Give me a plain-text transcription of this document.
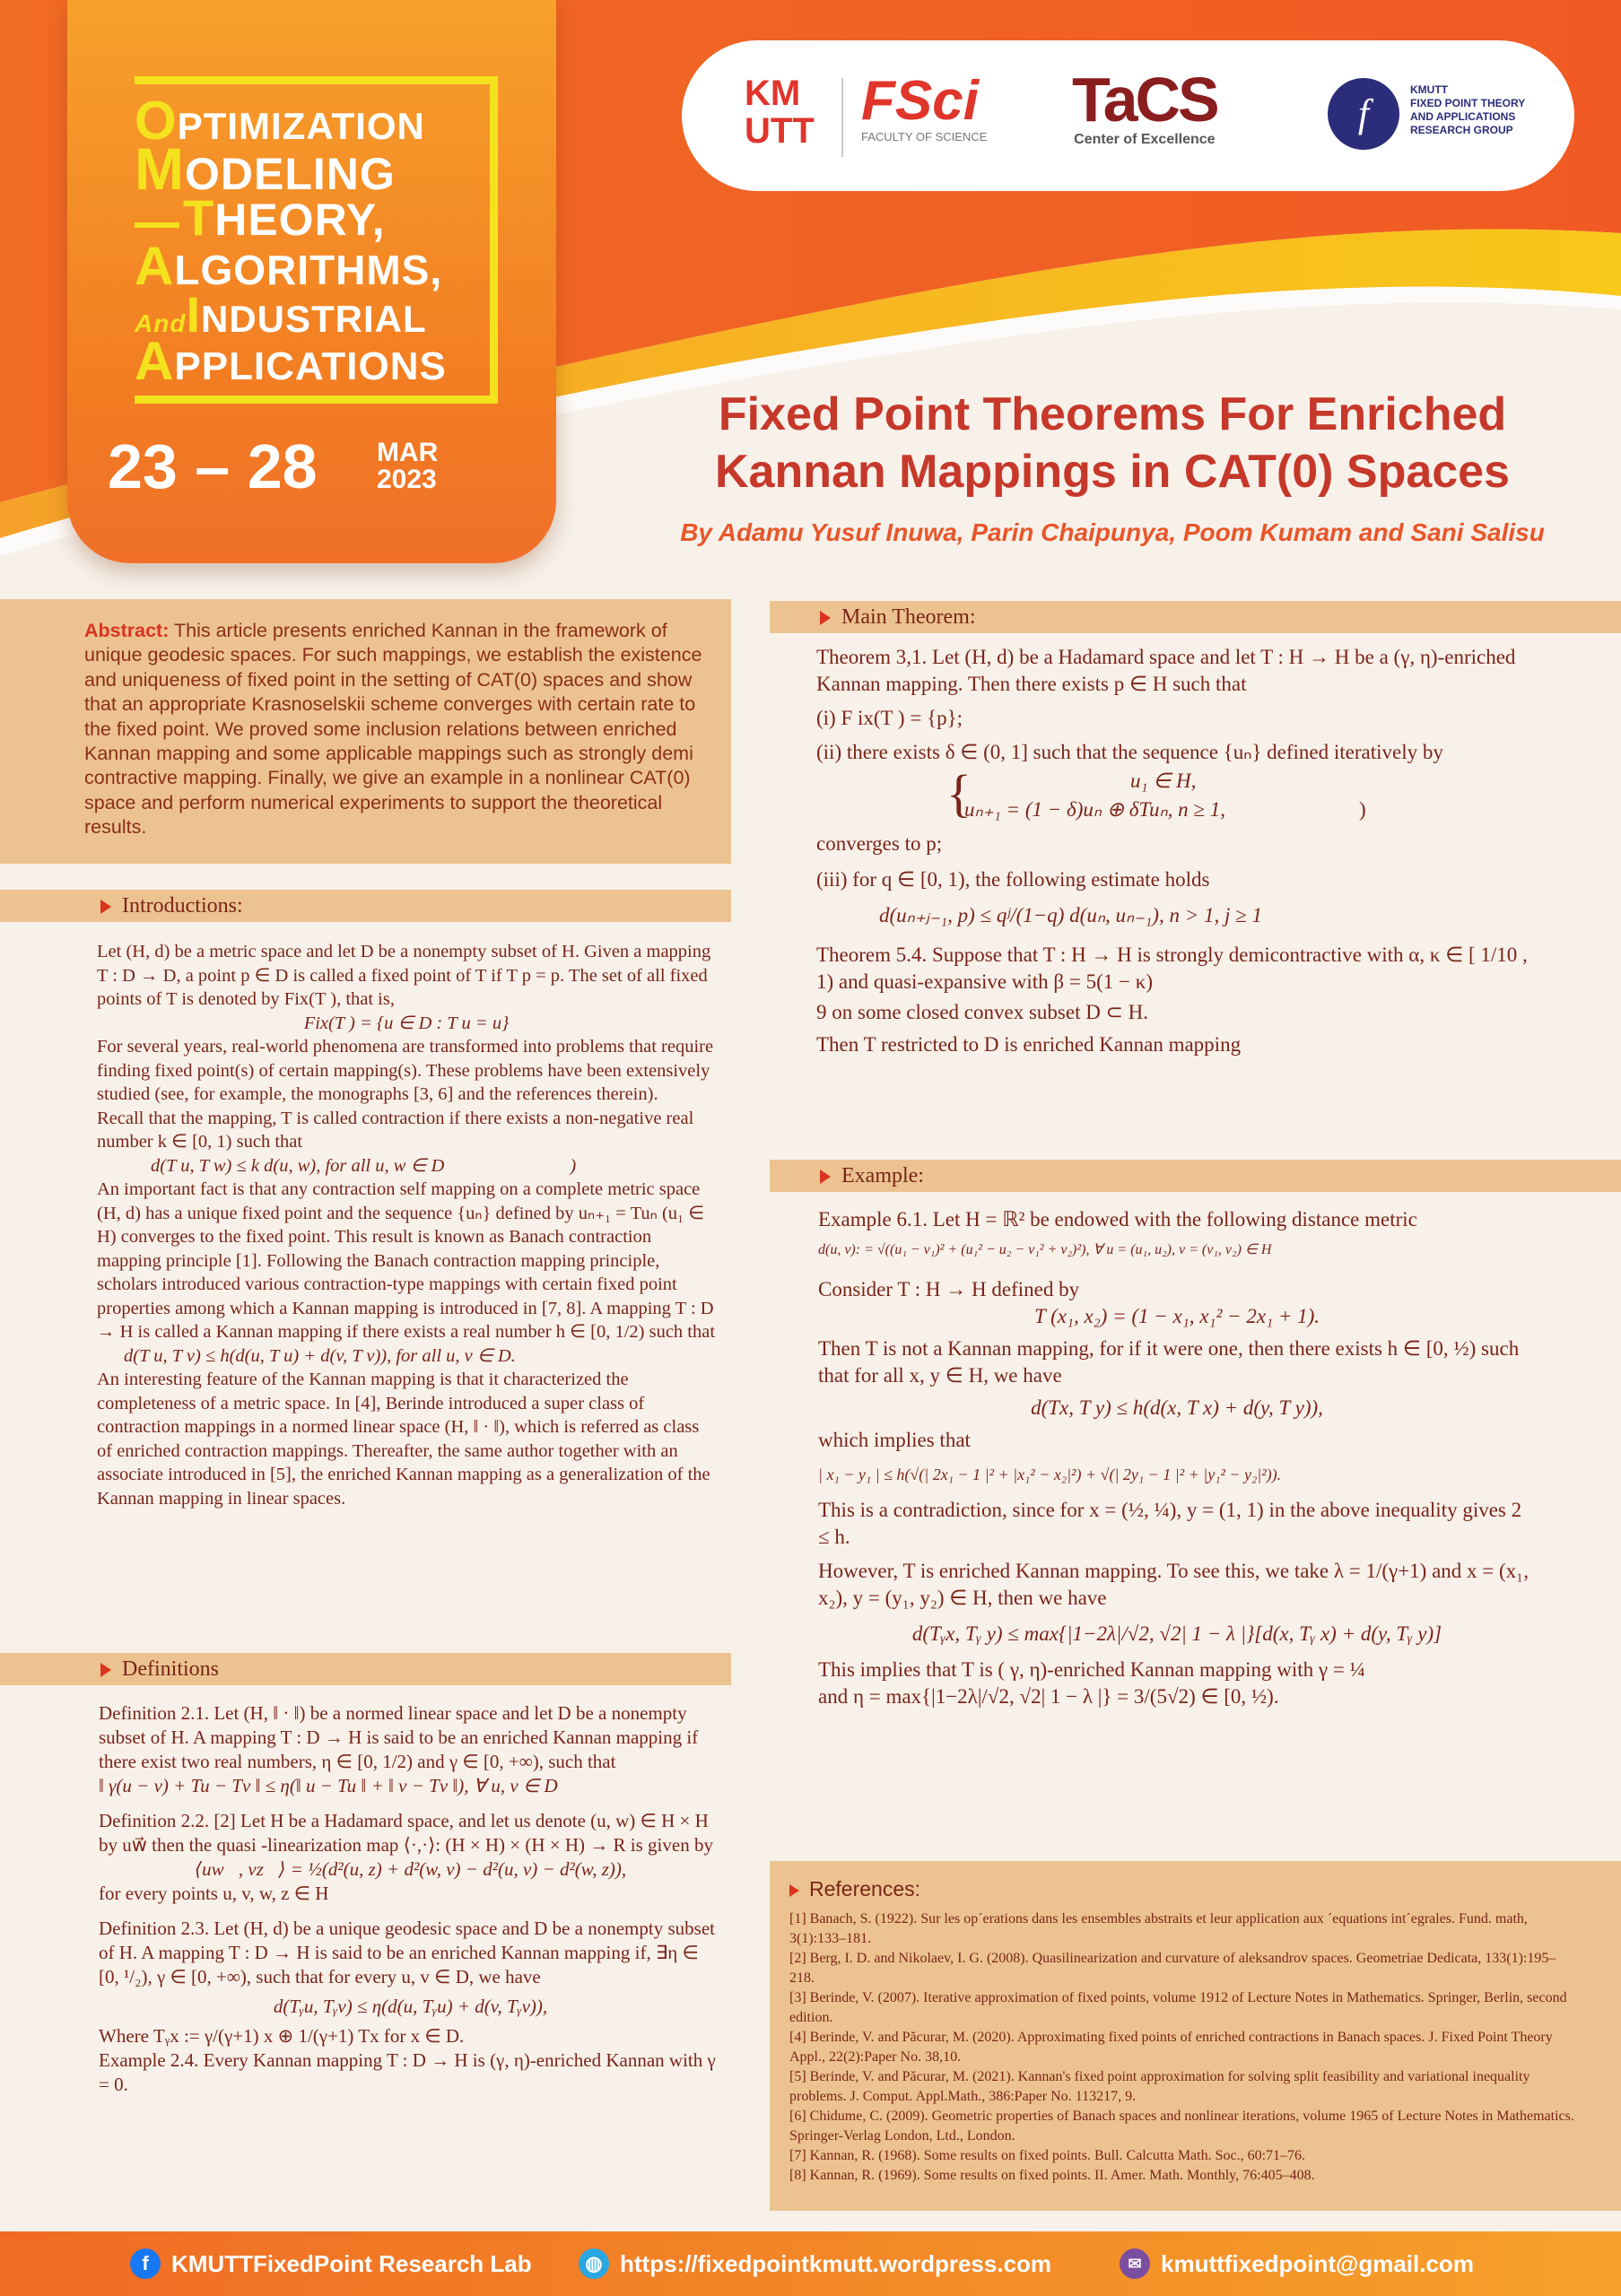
OPTIMIZATION
MODELING
THEORY,
ALGORITHMS,
AndINDUSTRIAL
APPLICATIONS
23 – 28 MAR
2023
KM
UTT FSci
FACULTY OF SCIENCE
TaCS
Center of Excellence
f
KMUTT
FIXED POINT THEORY
AND APPLICATIONS
RESEARCH GROUP
Fixed Point Theorems For Enriched
Kannan Mappings in CAT(0) Spaces
By Adamu Yusuf Inuwa, Parin Chaipunya, Poom Kumam and Sani Salisu

Abstract: This article presents enriched Kannan in the framework of unique geodesic spaces. For such mappings, we establish the existence and uniqueness of fixed point in the setting of CAT(0) spaces and show that an appropriate Krasnoselskii scheme converges with certain rate to the fixed point. We proved some inclusion relations between enriched Kannan mapping and some applicable mappings such as strongly demi contractive mapping. Finally, we give an example in a nonlinear CAT(0) space and perform numerical experiments to support the theoretical results.

Introductions:

Let (H, d) be a metric space and let D be a nonempty subset of H. Given a mapping T : D → D, a point p ∈ D is called a fixed point of T if T p = p. The set of all fixed points of T is denoted by Fix(T ), that is,

Fix(T ) = {u ∈ D : T u = u}

For several years, real-world phenomena are transformed into problems that require finding fixed point(s) of certain mapping(s). These problems have been extensively studied (see, for example, the monographs [3, 6] and the references therein).

Recall that the mapping, T is called contraction if there exists a non-negative real number k ∈ [0, 1) such that

d(T u, T w) ≤ k d(u, w), for all u, w ∈ D	)

An important fact is that any contraction self mapping on a complete metric space (H, d) has a unique fixed point and the sequence {uₙ} defined by uₙ₊₁ = Tuₙ (u₁ ∈ H) converges to the fixed point. This result is known as Banach contraction mapping principle [1]. Following the Banach contraction mapping principle, scholars introduced various contraction-type mappings with certain fixed point properties among which a Kannan mapping is introduced in [7, 8]. A mapping T : D → H is called a Kannan mapping if there exists a real number h ∈ [0, 1/2) such that

d(T u, T v) ≤ h(d(u, T u) + d(v, T v)), for all u, v ∈ D.

An interesting feature of the Kannan mapping is that it characterized the completeness of a metric space. In [4], Berinde introduced a super class of contraction mappings in a normed linear space (H, ‖ · ‖), which is referred as class of enriched contraction mappings. Thereafter, the same author together with an associate introduced in [5], the enriched Kannan mapping as a generalization of the Kannan mapping in linear spaces.

Definitions

Definition 2.1. Let (H, ‖ · ‖) be a normed linear space and let D be a nonempty subset of H. A mapping T : D → H is said to be an enriched Kannan mapping if there exist two real numbers, η ∈ [0, 1/2) and γ ∈ [0, +∞), such that

‖ γ(u − v) + Tu − Tv ‖ ≤ η(‖ u − Tu ‖ + ‖ v − Tv ‖), ∀ u, v ∈ D

Definition 2.2. [2] Let H be a Hadamard space, and let us denote (u, w) ∈ H × H by uw⃗ then the quasi -linearization map ⟨·,·⟩: (H × H) × (H × H) → R is given by

⟨uw⃗, vz⃗⟩ = ½(d²(u, z) + d²(w, v) − d²(u, v) − d²(w, z)),

for every points u, v, w, z ∈ H

Definition 2.3. Let (H, d) be a unique geodesic space and D be a nonempty subset of H. A mapping T : D → H is said to be an enriched Kannan mapping if, ∃η ∈ [0, ¹/₂), γ ∈ [0, +∞), such that for every u, v ∈ D, we have

d(Tᵧu, Tᵧv) ≤ η(d(u, Tᵧu) + d(v, Tᵧv)),

Where Tᵧx := γ/(γ+1) x ⊕ 1/(γ+1) Tx for x ∈ D.

Example 2.4. Every Kannan mapping T : D → H is (γ, η)-enriched Kannan with γ = 0.

Main Theorem:

Theorem 3,1. Let (H, d) be a Hadamard space and let T : H → H be a (γ, η)-enriched Kannan mapping. Then there exists p ∈ H such that

(i) F ix(T ) = {p};

(ii) there exists δ ∈ (0, 1] such that the sequence {uₙ} defined iteratively by

{	u₁ ∈ H,
uₙ₊₁ = (1 − δ)uₙ ⊕ δTuₙ, n ≥ 1,	)

converges to p;

(iii) for q ∈ [0, 1), the following estimate holds

d(uₙ₊ⱼ₋₁, p) ≤ qʲ/(1−q) d(uₙ, uₙ₋₁), n > 1, j ≥ 1

Theorem 5.4. Suppose that T : H → H is strongly demicontractive with α, κ ∈ [ 1/10 , 1) and quasi-expansive with β = 5(1 − κ)

9 on some closed convex subset D ⊂ H.

Then T restricted to D is enriched Kannan mapping

Example:

Example 6.1. Let H = ℝ² be endowed with the following distance metric

d(u, v): = √((u₁ − v₁)² + (u₁² − u₂ − v₁² + v₂)²), ∀ u = (u₁, u₂), v = (v₁, v₂) ∈ H

Consider T : H → H defined by

T (x₁, x₂) = (1 − x₁, x₁² − 2x₁ + 1).

Then T is not a Kannan mapping, for if it were one, then there exists h ∈ [0, ½) such that for all x, y ∈ H, we have

d(Tx, T y) ≤ h(d(x, T x) + d(y, T y)),

which implies that

| x₁ − y₁ | ≤ h(√(| 2x₁ − 1 |² + |x₁² − x₂|²) + √(| 2y₁ − 1 |² + |y₁² − y₂|²)).

This is a contradiction, since for x = (½, ¼), y = (1, 1) in the above inequality gives 2 ≤ h.

However, T is enriched Kannan mapping. To see this, we take λ = 1/(γ+1) and x = (x₁, x₂), y = (y₁, y₂) ∈ H, then we have

d(Tᵧx, Tᵧ y) ≤ max{|1−2λ|/√2, √2| 1 − λ |}[d(x, Tᵧ x) + d(y, Tᵧ y)]

This implies that T is ( γ, η)-enriched Kannan mapping with γ = ¼

and η = max{|1−2λ|/√2, √2| 1 − λ |} = 3/(5√2) ∈ [0, ½).

References:

[1] Banach, S. (1922). Sur les op´erations dans les ensembles abstraits et leur application aux ´equations int´egrales. Fund. math, 3(1):133–181.

[2] Berg, I. D. and Nikolaev, I. G. (2008). Quasilinearization and curvature of aleksandrov spaces. Geometriae Dedicata, 133(1):195–218.

[3] Berinde, V. (2007). Iterative approximation of fixed points, volume 1912 of Lecture Notes in Mathematics. Springer, Berlin, second edition.

[4] Berinde, V. and Păcurar, M. (2020). Approximating fixed points of enriched contractions in Banach spaces. J. Fixed Point Theory Appl., 22(2):Paper No. 38,10.

[5] Berinde, V. and Păcurar, M. (2021). Kannan's fixed point approximation for solving split feasibility and variational inequality problems. J. Comput. Appl.Math., 386:Paper No. 113217, 9.

[6] Chidume, C. (2009). Geometric properties of Banach spaces and nonlinear iterations, volume 1965 of Lecture Notes in Mathematics. Springer-Verlag London, Ltd., London.

[7] Kannan, R. (1968). Some results on fixed points. Bull. Calcutta Math. Soc., 60:71–76.

[8] Kannan, R. (1969). Some results on fixed points. II. Amer. Math. Monthly, 76:405–408.

f KMUTTFixedPoint Research Lab	◍ https://fixedpointkmutt.wordpress.com	✉ kmuttfixedpoint@gmail.com
